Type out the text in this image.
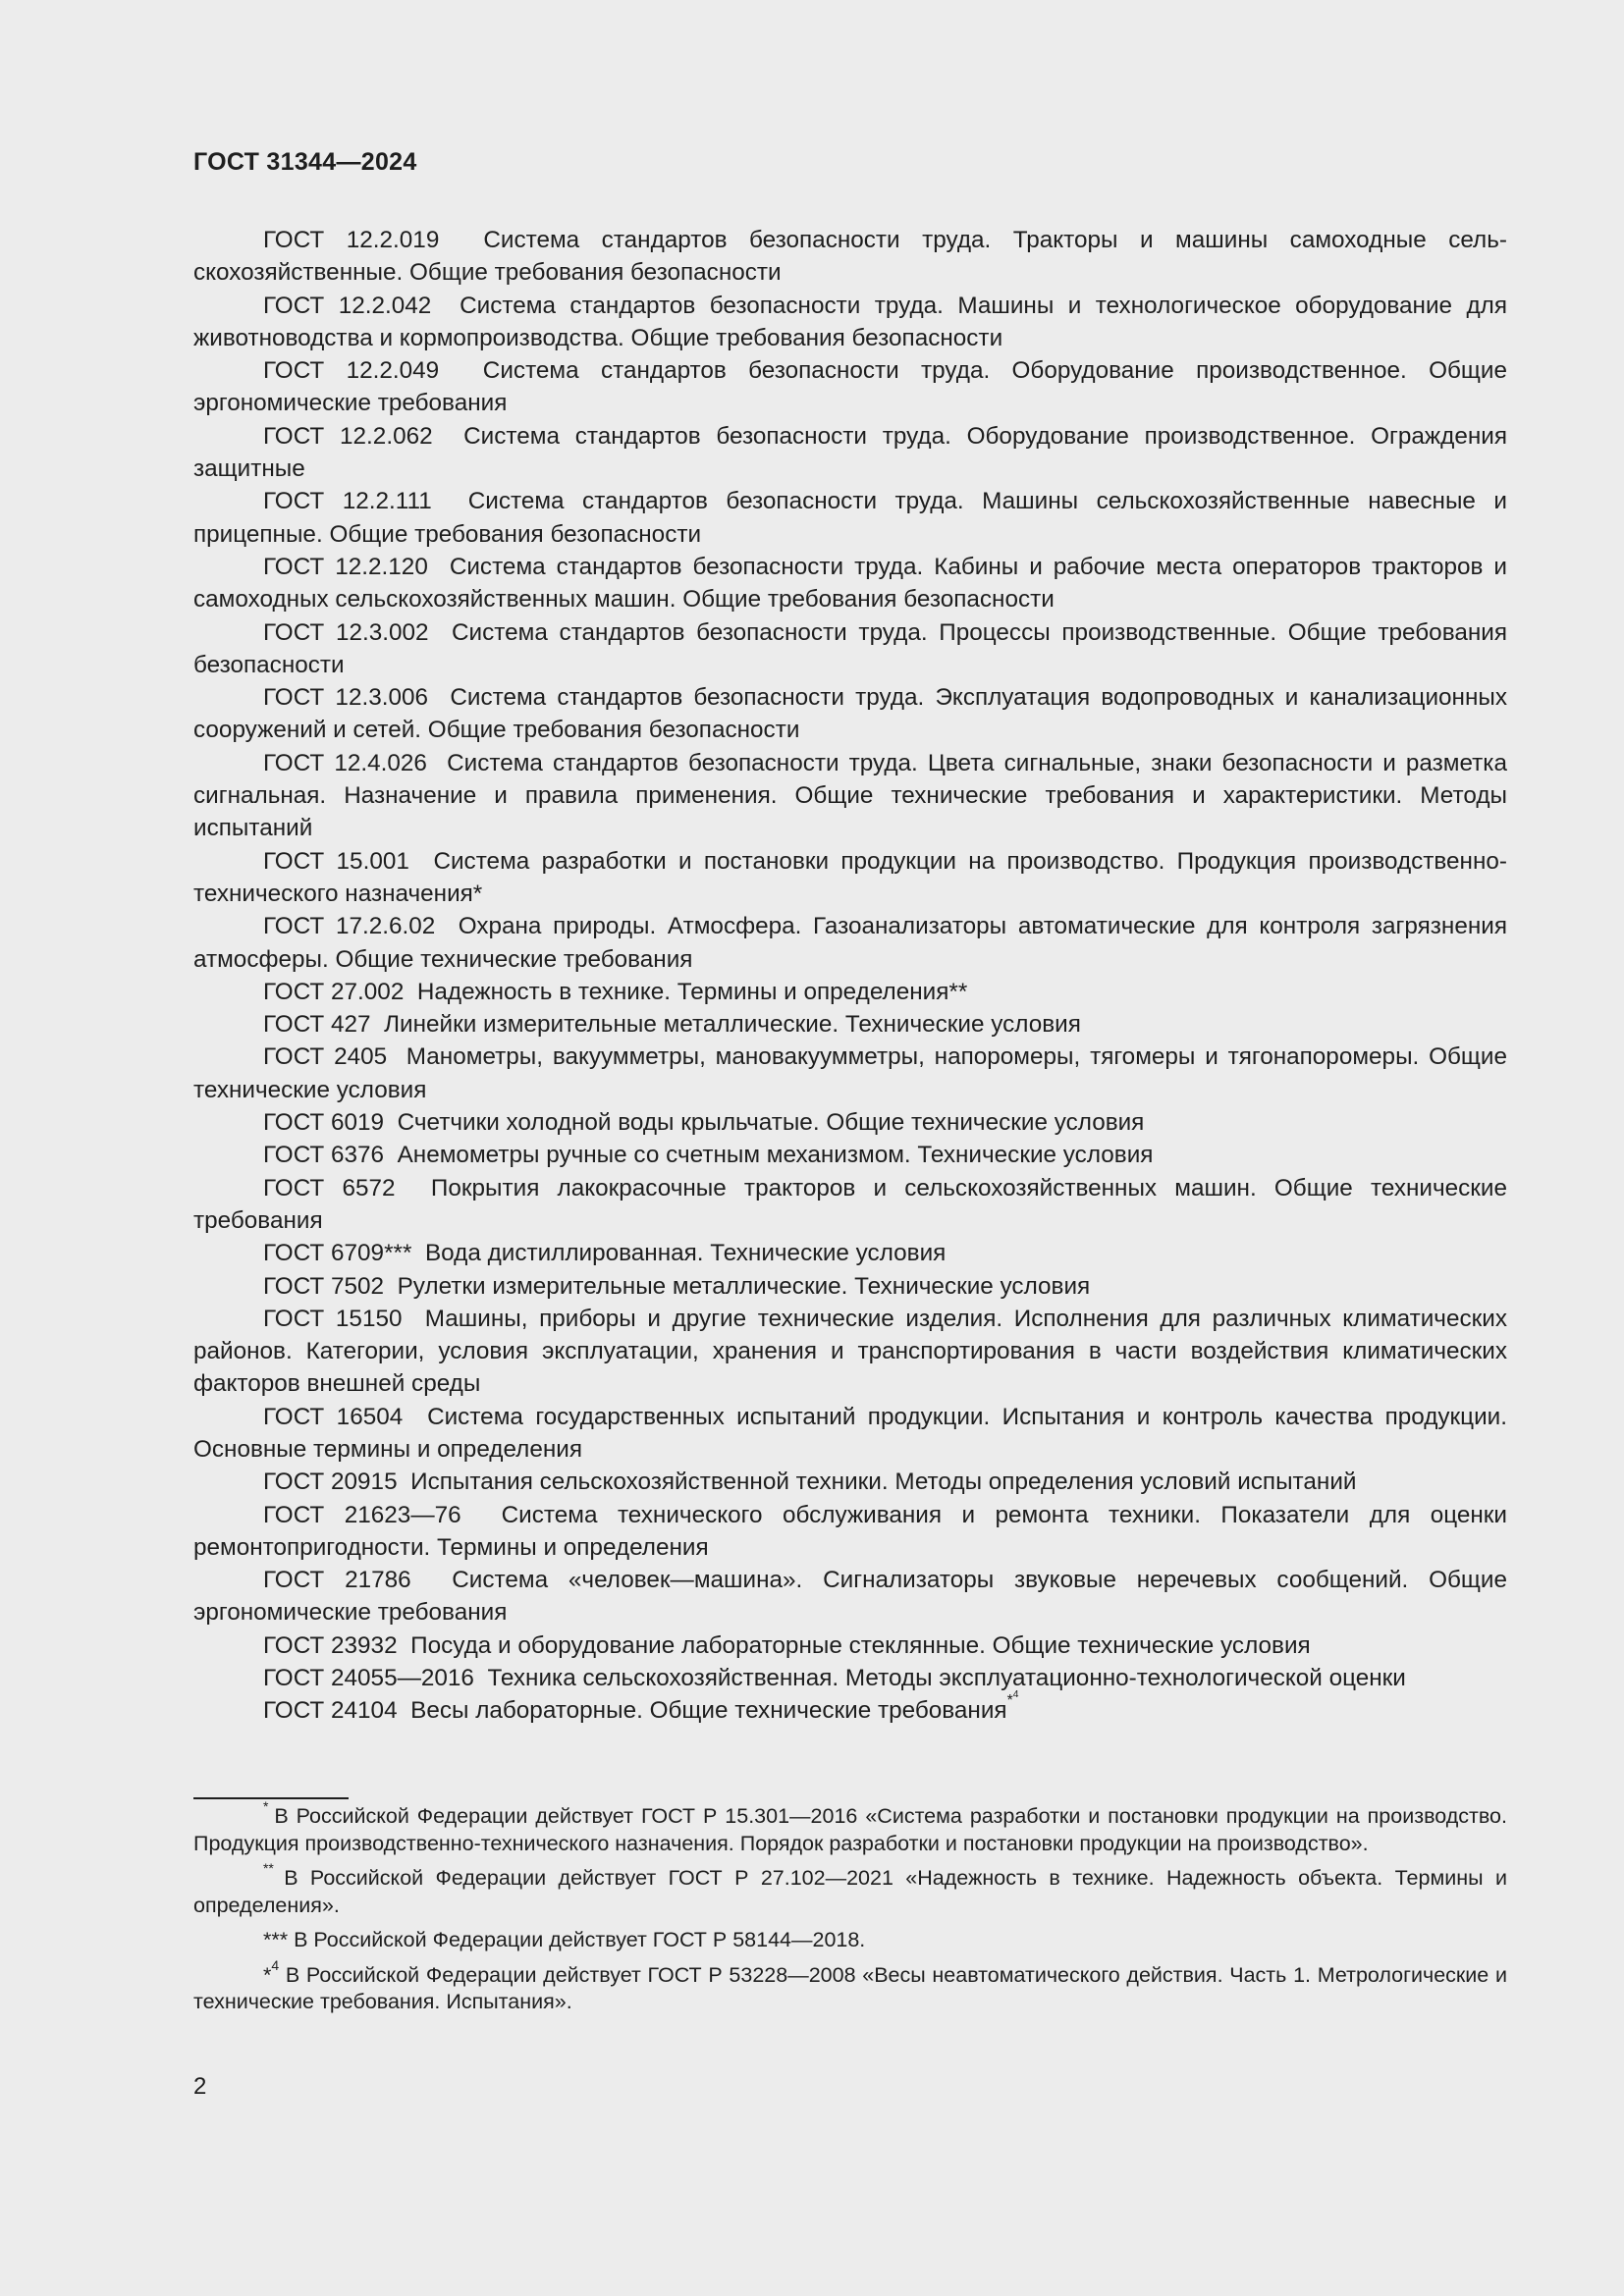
ГОСТ 31344—2024

ГОСТ 12.2.019 Система стандартов безопасности труда. Тракторы и машины самоходные сельскохозяйственные. Общие требования безопасности

ГОСТ 12.2.042 Система стандартов безопасности труда. Машины и технологическое оборудование для животноводства и кормопроизводства. Общие требования безопасности

ГОСТ 12.2.049 Система стандартов безопасности труда. Оборудование производственное. Общие эргономические требования

ГОСТ 12.2.062 Система стандартов безопасности труда. Оборудование производственное. Ограждения защитные

ГОСТ 12.2.111 Система стандартов безопасности труда. Машины сельскохозяйственные навесные и прицепные. Общие требования безопасности

ГОСТ 12.2.120 Система стандартов безопасности труда. Кабины и рабочие места операторов тракторов и самоходных сельскохозяйственных машин. Общие требования безопасности

ГОСТ 12.3.002 Система стандартов безопасности труда. Процессы производственные. Общие требования безопасности

ГОСТ 12.3.006 Система стандартов безопасности труда. Эксплуатация водопроводных и канализационных сооружений и сетей. Общие требования безопасности

ГОСТ 12.4.026 Система стандартов безопасности труда. Цвета сигнальные, знаки безопасности и разметка сигнальная. Назначение и правила применения. Общие технические требования и характеристики. Методы испытаний

ГОСТ 15.001 Система разработки и постановки продукции на производство. Продукция производственно-технического назначения*

ГОСТ 17.2.6.02 Охрана природы. Атмосфера. Газоанализаторы автоматические для контроля загрязнения атмосферы. Общие технические требования

ГОСТ 27.002 Надежность в технике. Термины и определения**

ГОСТ 427 Линейки измерительные металлические. Технические условия

ГОСТ 2405 Манометры, вакуумметры, мановакуумметры, напоромеры, тягомеры и тягонапоромеры. Общие технические условия

ГОСТ 6019 Счетчики холодной воды крыльчатые. Общие технические условия

ГОСТ 6376 Анемометры ручные со счетным механизмом. Технические условия

ГОСТ 6572 Покрытия лакокрасочные тракторов и сельскохозяйственных машин. Общие технические требования

ГОСТ 6709*** Вода дистиллированная. Технические условия

ГОСТ 7502 Рулетки измерительные металлические. Технические условия

ГОСТ 15150 Машины, приборы и другие технические изделия. Исполнения для различных климатических районов. Категории, условия эксплуатации, хранения и транспортирования в части воздействия климатических факторов внешней среды

ГОСТ 16504 Система государственных испытаний продукции. Испытания и контроль качества продукции. Основные термины и определения

ГОСТ 20915 Испытания сельскохозяйственной техники. Методы определения условий испытаний

ГОСТ 21623—76 Система технического обслуживания и ремонта техники. Показатели для оценки ремонтопригодности. Термины и определения

ГОСТ 21786 Система «человек—машина». Сигнализаторы звуковые неречевых сообщений. Общие эргономические требования

ГОСТ 23932 Посуда и оборудование лабораторные стеклянные. Общие технические условия

ГОСТ 24055—2016 Техника сельскохозяйственная. Методы эксплуатационно-технологической оценки

ГОСТ 24104 Весы лабораторные. Общие технические требования$^{*^4}$

* В Российской Федерации действует ГОСТ Р 15.301—2016 «Система разработки и постановки продукции на производство. Продукция производственно-технического назначения. Порядок разработки и постановки продукции на производство».

** В Российской Федерации действует ГОСТ Р 27.102—2021 «Надежность в технике. Надежность объекта. Термины и определения».

*** В Российской Федерации действует ГОСТ Р 58144—2018.

*$^4$ В Российской Федерации действует ГОСТ Р 53228—2008 «Весы неавтоматического действия. Часть 1. Метрологические и технические требования. Испытания».

2
